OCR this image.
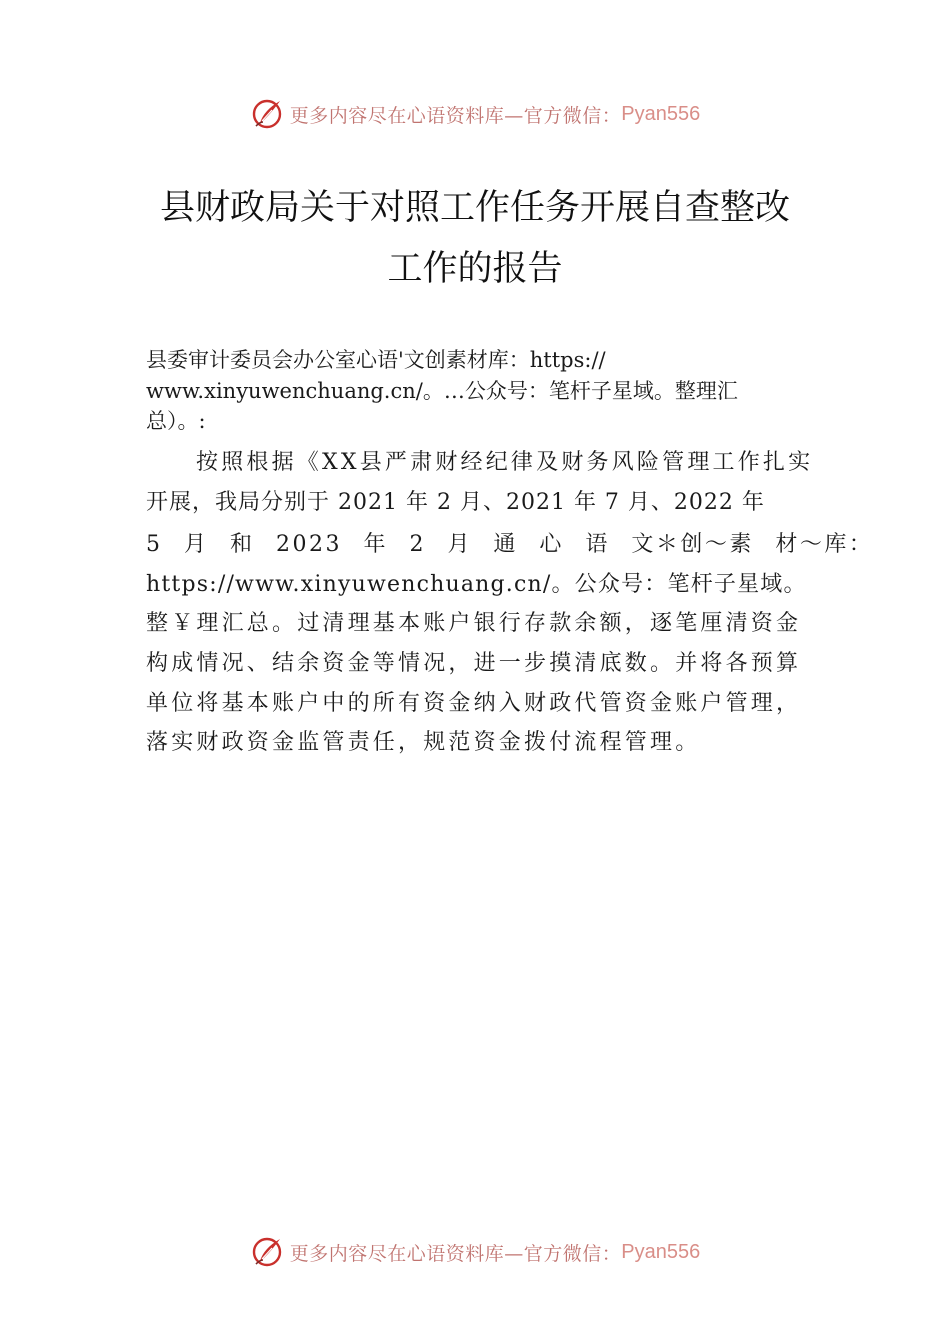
更多内容尽在心语资料库—官方微信： Pyan556
县财政局关于对照工作任务开展自查整改
工作的报告
县委审计委员会办公室心语'文创素材库：https://
www.xinyuwenchuang.cn/。…公众号：笔杆子星域。整理汇
总）。:
按照根据《XX县严肃财经纪律及财务风险管理工作扎实
开展，我局分别于 2021 年 2 月、2021 年 7 月、2022 年
5 月 和 2023 年 2 月 通 心 语 文＊创～素 材～库：
https://www.xinyuwenchuang.cn/。公众号：笔杆子星域。
整￥理汇总。过清理基本账户银行存款余额，逐笔厘清资金
构成情况、结余资金等情况，进一步摸清底数。并将各预算
单位将基本账户中的所有资金纳入财政代管资金账户管理，
落实财政资金监管责任，规范资金拨付流程管理。
更多内容尽在心语资料库—官方微信： Pyan556
